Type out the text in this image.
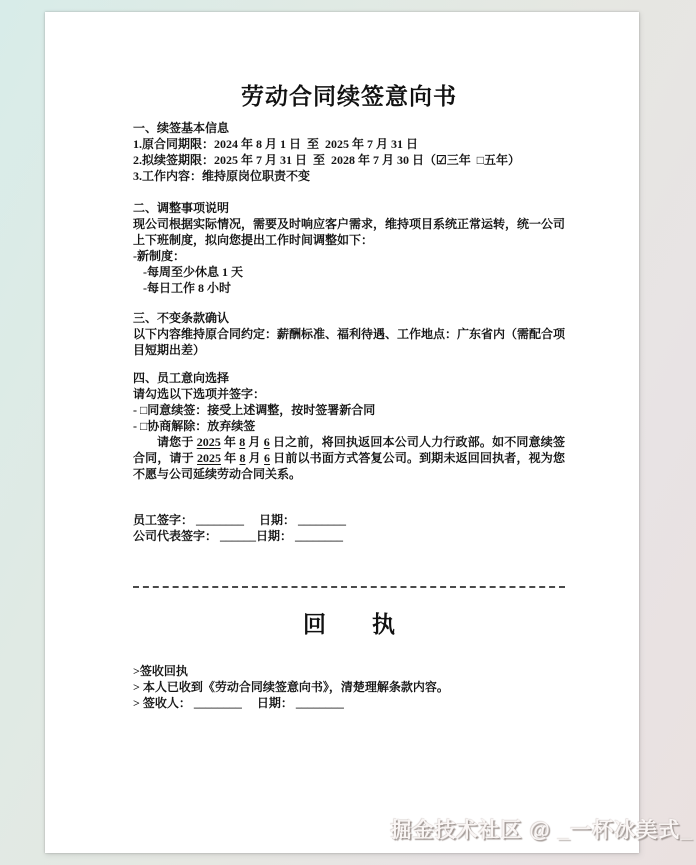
劳动合同续签意向书

一、续签基本信息

1.原合同期限：2024 年 8 月 1 日  至  2025 年 7 月 31 日

2.拟续签期限：2025 年 7 月 31 日  至  2028 年 7 月 30 日（☑三年  □五年）

3.工作内容：维持原岗位职责不变

二、调整事项说明

现公司根据实际情况，需要及时响应客户需求，维持项目系统正常运转，统一公司上下班制度，拟向您提出工作时间调整如下：

-新制度：

-每周至少休息 1 天

-每日工作 8 小时

三、不变条款确认

以下内容维持原合同约定：薪酬标准、福利待遇、工作地点：广东省内（需配合项目短期出差）

四、员工意向选择

请勾选以下选项并签字：

- □同意续签：接受上述调整，按时签署新合同

- □协商解除：放弃续签

请您于 2025 年 8 月 6 日之前，将回执返回本公司人力行政部。如不同意续签合同，请于 2025 年 8 月 6 日前以书面方式答复公司。到期未返回回执者，视为您不愿与公司延续劳动合同关系。

员工签字： ________　 日期： ________

公司代表签字： ______日期： ________

回　　执

>签收回执

> 本人已收到《劳动合同续签意向书》，清楚理解条款内容。

> 签收人： ________ 　日期： ________

掘金技术社区 @ _一杯冰美式_
